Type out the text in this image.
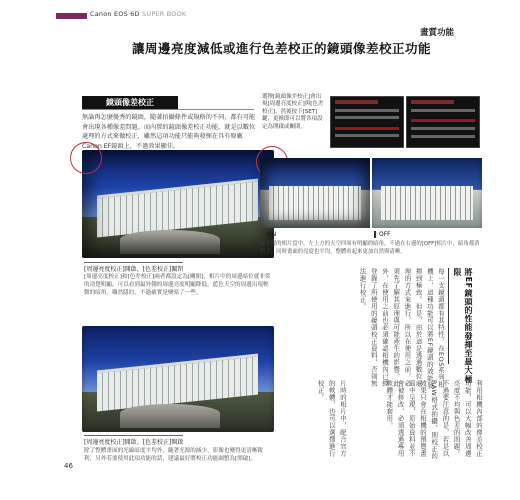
Canon EOS 6D SUPER BOOK
畫質功能
讓周邊亮度減低或進行色差校正的鏡頭像差校正功能
鏡頭像差校正
無論再怎麼優秀的鏡頭，隨著拍攝條件或規格的不同，都有可能會出現各種像差問題。而內置的鏡頭像差校正功能，就是以數位處理的方式來做校正，雖然這項功能只能夠發揮在具有原廠Canon EF鏡頭上，不過效果顯佳。
[周邊亮度校正]開啟、[色差校正]關閉
[周邊亮度校正]和[色差校正]兩者都設定為[關閉]，相片中的周邊暗位就非常的清楚明顯，可以看到最外側的周邊亮度明顯降低，藍色天空的周邊出現輕微的暗角，雖然隱約，不過確實是變暗了一些。
[周邊亮度校正]開啟、[色差校正]開啟
除了整體畫面的光線暗度平均外，隨著光源的減少，影像也變得更清晰銳利，另外若要使用此項功能的話，建議最好將校正功能調整為[開啟]。
46
選擇[鏡頭像差校正]會出現[周邊亮度校正]與[色差校正]，然後按下[SET]鍵，更換即可以將各項設定為開啟或關閉。
ON	OFF
在左邊的相片當中，左上方的天空四周有明顯的暗角，不過在右邊的[OFF]相片中，暗角都消失了，同時畫面的亮度也平均，整體看起來更加自然與清晰。
將EF鏡頭的性能發揮至最大極限
每一支鏡頭都有其特性，在EOS系列相機上，這種功能可以將EF鏡頭的效能發揮到極致。但是，由於這是透過數位處理的方式來進行，所以在使用之前，必須先了解其原理與可能產生的影響。此外，在使用之前也必須確認相機內已經登錄了所使用的鏡頭校正資料，否則無法進行校正。
利用相機內部的像差校正功能，可以大幅改善周邊亮度不均與色差的問題。不過要注意的是，若是以RAW格式拍攝，則校正的效果只會在相機的預覽畫面中呈現，原始資料並不會被修改，必須透過專用軟體才能套用。
片時的相片中，配合官方的軟體，也可以選擇進行校正。
